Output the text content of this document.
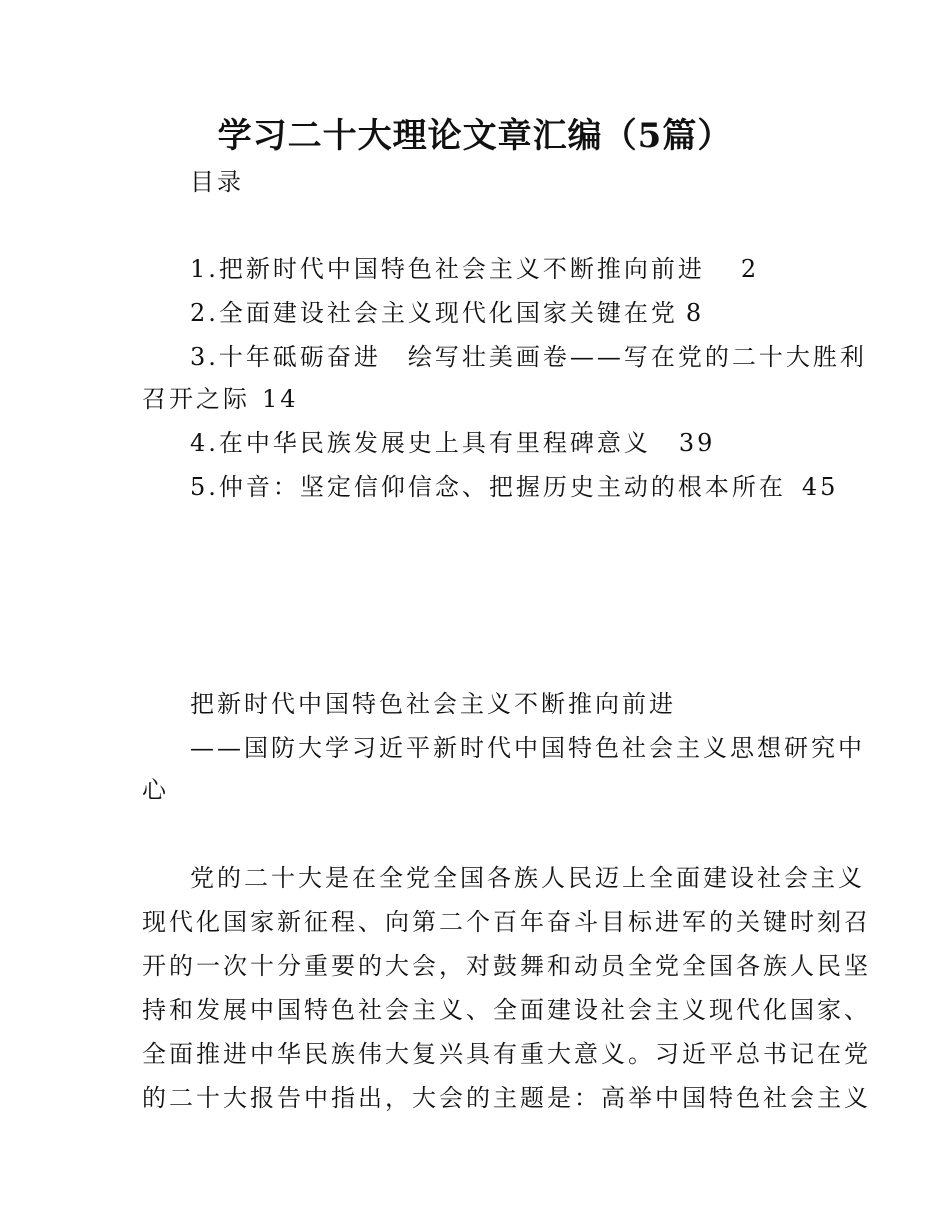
学习二十大理论文章汇编（5篇）

目录

1.把新时代中国特色社会主义不断推向前进 2

2.全面建设社会主义现代化国家关键在党 8

3.十年砥砺奋进　绘写壮美画卷——写在党的二十大胜利

召开之际 14

4.在中华民族发展史上具有里程碑意义 39

5.仲音：坚定信仰信念、把握历史主动的根本所在 45

把新时代中国特色社会主义不断推向前进

——国防大学习近平新时代中国特色社会主义思想研究中

心

党的二十大是在全党全国各族人民迈上全面建设社会主义

现代化国家新征程、向第二个百年奋斗目标进军的关键时刻召

开的一次十分重要的大会，对鼓舞和动员全党全国各族人民坚

持和发展中国特色社会主义、全面建设社会主义现代化国家、

全面推进中华民族伟大复兴具有重大意义。习近平总书记在党

的二十大报告中指出，大会的主题是：高举中国特色社会主义
